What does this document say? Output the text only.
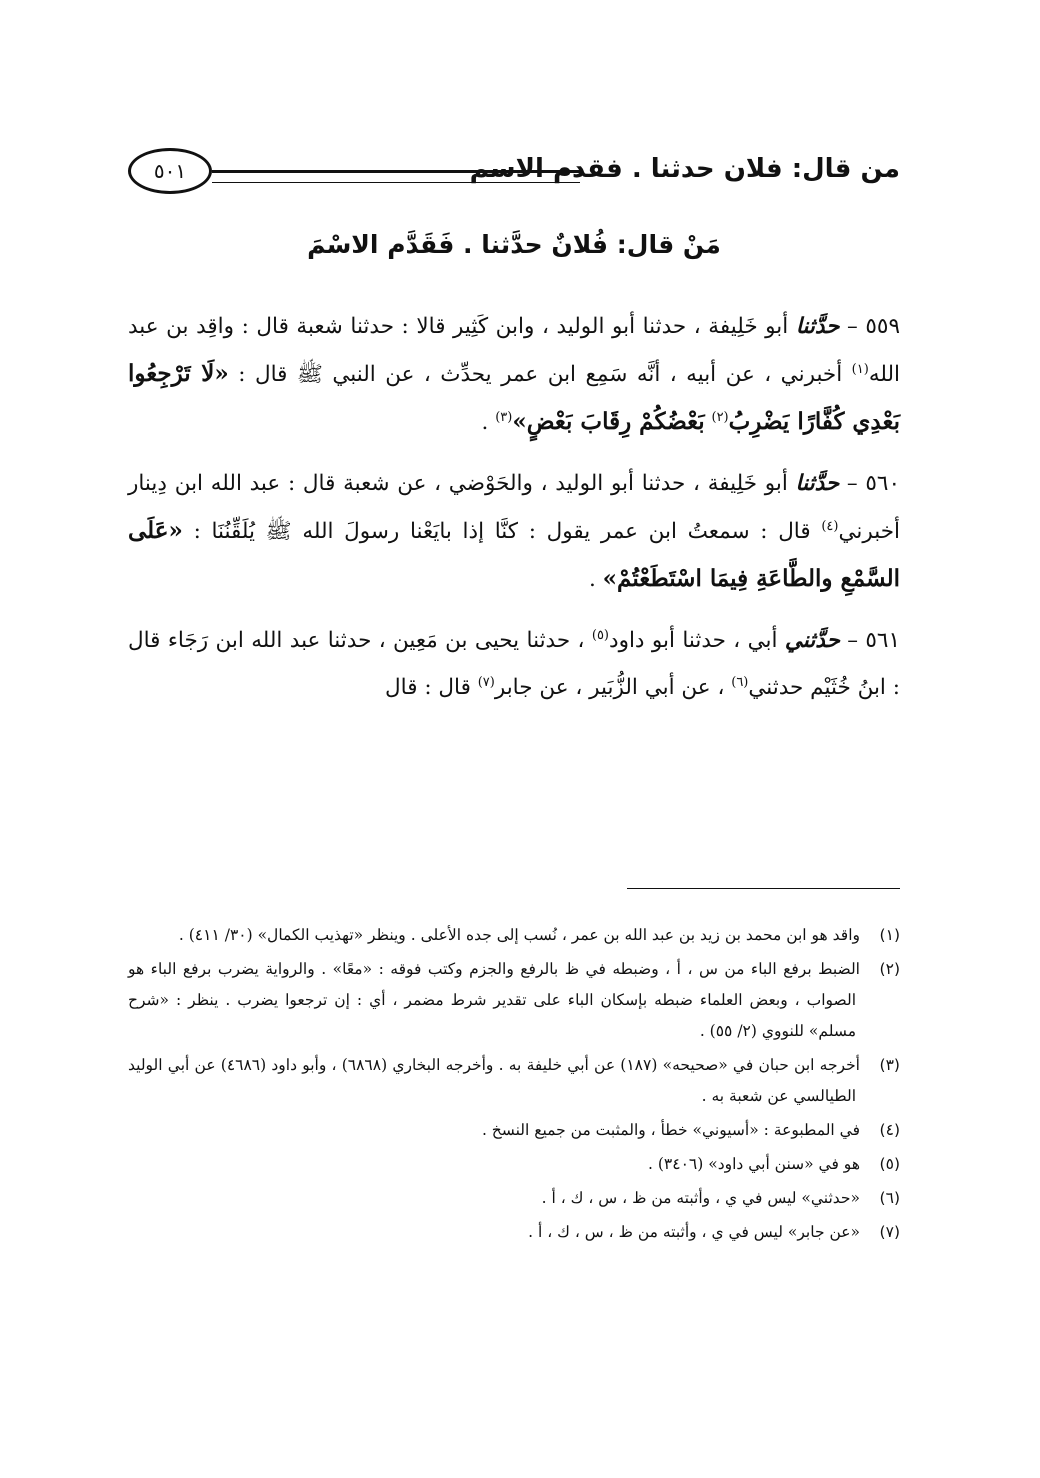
من قال: فلان حدثنا . فقدم الاسم
٥٠١
مَنْ قال: فُلانٌ حدَّثنا . فَقَدَّم الاسْمَ

٥٥٩ – حدَّثنا أبو خَلِيفة ، حدثنا أبو الوليد ، وابن كَثِير قالا : حدثنا شعبة قال : واقِد بن عبد الله$^{(١)}$ أخبرني ، عن أبيه ، أنَّه سَمِع ابن عمر يحدِّث ، عن النبي ﷺ قال : «لَا تَرْجِعُوا بَعْدِي كُفَّارًا يَضْرِبُ$^{(٢)}$ بَعْضُكُمْ رِقَابَ بَعْضٍ»$^{(٣)}$ .

٥٦٠ – حدَّثنا أبو خَلِيفة ، حدثنا أبو الوليد ، والحَوْضي ، عن شعبة قال : عبد الله ابن دِينار أخبرني$^{(٤)}$ قال : سمعتُ ابن عمر يقول : كنَّا إذا بايَعْنا رسولَ الله ﷺ يُلَقِّنُنَا : «عَلَى السَّمْعِ والطَّاعَةِ فِيمَا اسْتَطَعْتُمْ» .

٥٦١ – حدَّثني أبي ، حدثنا أبو داود$^{(٥)}$ ، حدثنا يحيى بن مَعِين ، حدثنا عبد الله ابن رَجَاء قال : ابنُ خُثَيْم حدثني$^{(٦)}$ ، عن أبي الزُّبَير ، عن جابر$^{(٧)}$ قال : قال

(١)واقد هو ابن محمد بن زيد بن عبد الله بن عمر ، نُسب إلى جده الأعلى . وينظر «تهذيب الكمال» (٣٠/ ٤١١) .

(٢)الضبط برفع الباء من س ، أ ، وضبطه في ظ بالرفع والجزم وكتب فوقه : «معًا» . والرواية يضرب برفع الباء هو الصواب ، وبعض العلماء ضبطه بإسكان الباء على تقدير شرط مضمر ، أي : إن ترجعوا يضرب . ينظر : «شرح مسلم» للنووي (٢/ ٥٥) .

(٣)أخرجه ابن حبان في «صحيحه» (١٨٧) عن أبي خليفة به . وأخرجه البخاري (٦٨٦٨) ، وأبو داود (٤٦٨٦) عن أبي الوليد الطيالسي عن شعبة به .

(٤)في المطبوعة : «أسيوني» خطأ ، والمثبت من جميع النسخ .

(٥)هو في «سنن أبي داود» (٣٤٠٦) .

(٦)«حدثني» ليس في ي ، وأثبته من ظ ، س ، ك ، أ .

(٧)«عن جابر» ليس في ي ، وأثبته من ظ ، س ، ك ، أ .
